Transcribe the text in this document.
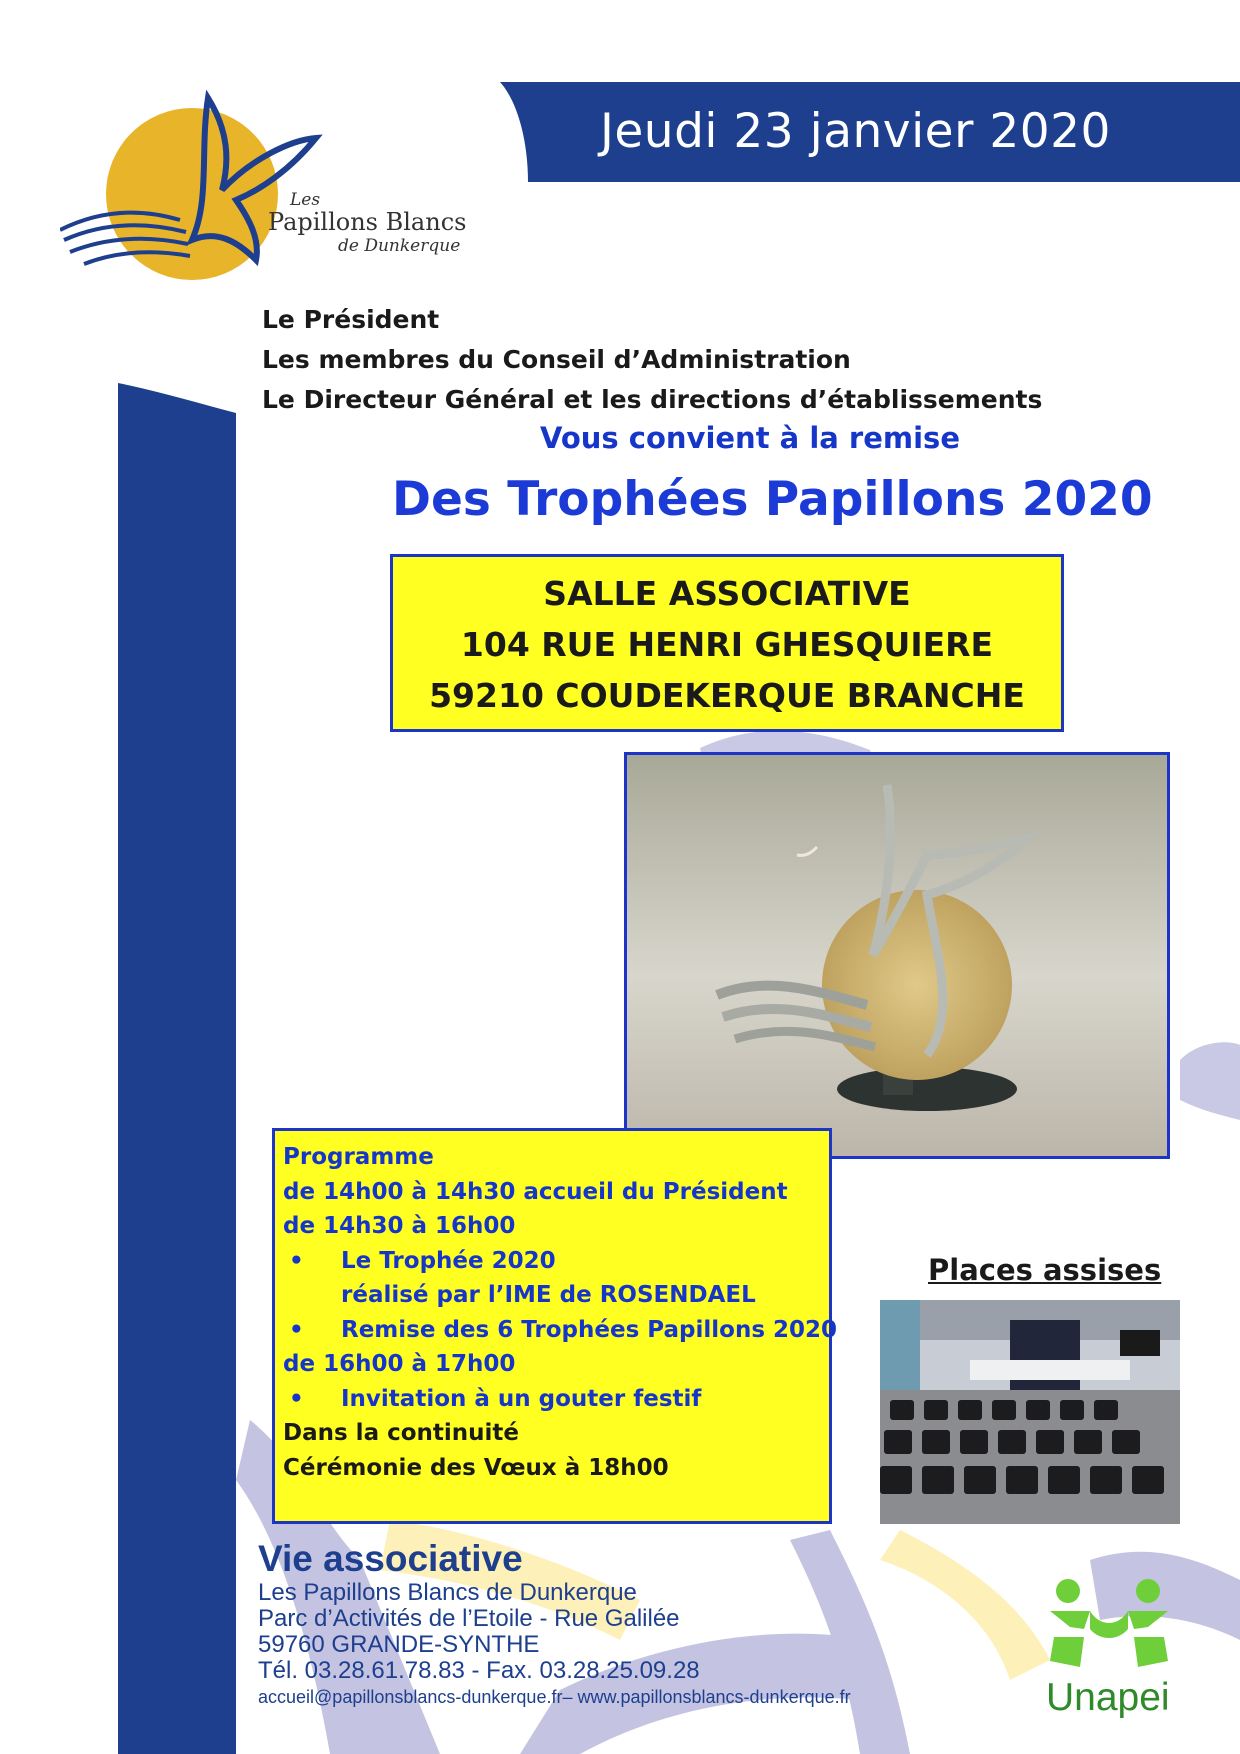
Jeudi 23 janvier 2020
Les
Papillons Blancs
de Dunkerque
Le Président
Les membres du Conseil d’Administration
Le Directeur Général et les directions d’établissements
Vous convient à la remise
Des Trophées Papillons 2020
SALLE ASSOCIATIVE
104 RUE HENRI GHESQUIERE
59210 COUDEKERQUE BRANCHE
Programme
de 14h00 à 14h30 accueil du Président
de 14h30 à 16h00
• Le Trophée 2020
réalisé par l’IME de ROSENDAEL
• Remise des 6 Trophées Papillons 2020
de 16h00 à 17h00
• Invitation à un gouter festif
Dans la continuité
Cérémonie des Vœux à 18h00
Places assises
Vie associative
Les Papillons Blancs de Dunkerque
Parc d’Activités de l’Etoile - Rue Galilée
59760 GRANDE-SYNTHE
Tél. 03.28.61.78.83 - Fax. 03.28.25.09.28
accueil@papillonsblancs-dunkerque.fr– www.papillonsblancs-dunkerque.fr	Unapei
